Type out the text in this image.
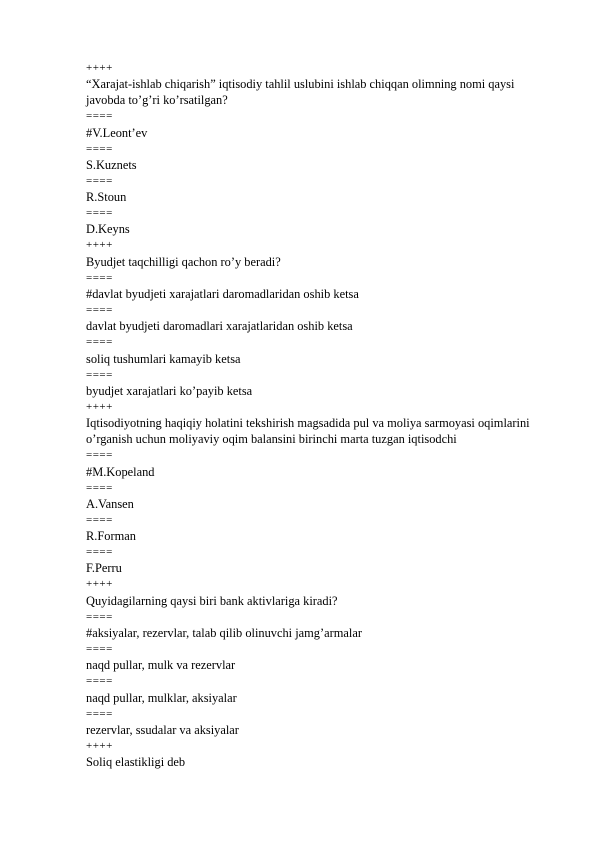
++++
“Xarajat-ishlab chiqarish” iqtisodiy tahlil uslubini ishlab chiqqan olimning nomi qaysi javobda to’g’ri ko’rsatilgan?
====
#V.Leont’ev
====
S.Kuznets
====
R.Stoun
====
D.Keyns
++++
Byudjet taqchilligi qachon ro’y beradi?
====
#davlat byudjeti xarajatlari daromadlaridan oshib ketsa
====
davlat byudjeti daromadlari xarajatlaridan oshib ketsa
====
soliq tushumlari kamayib ketsa
====
byudjet xarajatlari ko’payib ketsa
++++
Iqtisodiyotning haqiqiy holatini tekshirish magsadida pul va moliya sarmoyasi oqimlarini o’rganish uchun moliyaviy oqim balansini birinchi marta tuzgan iqtisodchi
====
#M.Kopeland
====
A.Vansen
====
R.Forman
====
F.Perru
++++
Quyidagilarning qaysi biri bank aktivlariga kiradi?
====
#aksiyalar, rezervlar, talab qilib olinuvchi jamg’armalar
====
naqd pullar, mulk va rezervlar
====
naqd pullar, mulklar, aksiyalar
====
rezervlar, ssudalar va aksiyalar
++++
Soliq elastikligi deb
